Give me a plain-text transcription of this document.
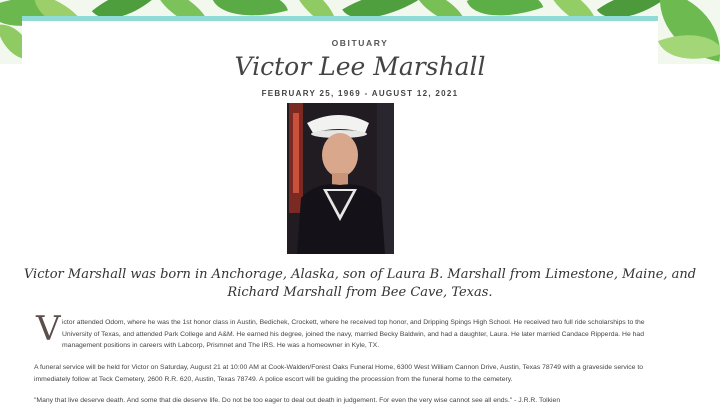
OBITUARY
Victor Lee Marshall
FEBRUARY 25, 1969 - AUGUST 12, 2021
Victor Marshall was born in Anchorage, Alaska, son of Laura B. Marshall from Limestone, Maine, and Richard Marshall from Bee Cave, Texas.
V ictor attended Odom, where he was the 1st honor class in Austin, Bedichek, Crockett, where he received top honor, and Dripping Spings High School. He received two full ride scholarships to the University of Texas, and attended Park College and A&M. He earned his degree, joined the navy, married Becky Baldwin, and had a daughter, Laura. He later married Candace Ripperda. He had management positions in careers with Labcorp, Prismnet and The IRS. He was a homeowner in Kyle, TX.
A funeral service will be held for Victor on Saturday, August 21 at 10:00 AM at Cook-Walden/Forest Oaks Funeral Home, 6300 West William Cannon Drive, Austin, Texas 78749 with a graveside service to immediately follow at Teck Cemetery, 2600 R.R. 620, Austin, Texas 78749. A police escort will be guiding the procession from the funeral home to the cemetery.
"Many that live deserve death. And some that die deserve life. Do not be too eager to deal out death in judgement. For even the very wise cannot see all ends." - J.R.R. Tolkien
